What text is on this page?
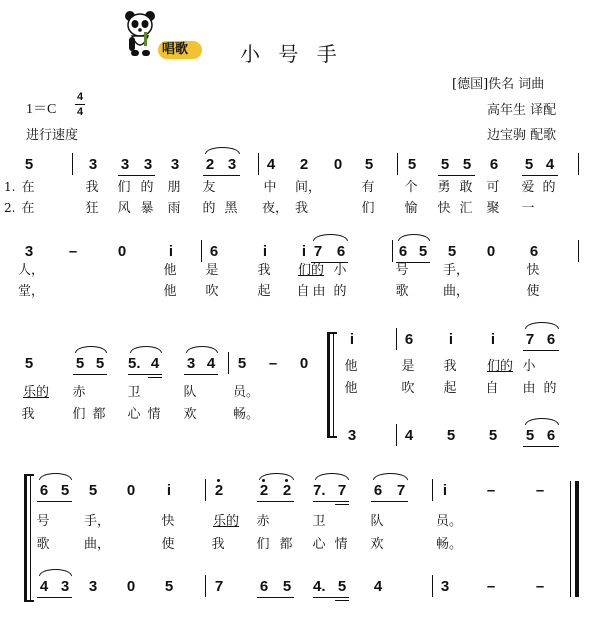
唱歌	小 号 手
[德国]佚名 词曲
高年生 译配
边宝驹 配歌
1＝C
4
4
进行速度
5	3 3 3 3 2 3 4 2 0 5 5 5 5 6 5 4
1.
2.
在	我 们 的 朋 友	中 间，	有 个 勇 敢 可 爱 的
在	狂 风 暴 雨 的 黑 夜， 我	们 愉 快 汇 聚 一
3 –	0	i	6	i	i 7 6	6 5 5 0 6
人，	他 是	我 们的 小	号	手，	快
堂，	他 吹	起 自 由 的	歌	曲，	使
5	5 5 5. 4 3 4 5 – 0
i	6	i	i	7 6
乐的 赤	卫	队	员。
我	们 都 心 情 欢	畅。
他	是 我 们的 小
他	吹 起 自 由 的
3	4 5 5 5 6
6 5 5 0	i	2 2 2 7. 7 6 7	i	–	–
号	手，	快	乐的 赤	卫	队	员。
歌	曲，	使	我 们 都 心 情 欢	畅。
4 3 3 0 5	7 6 5 4. 5 4	3	–	–
